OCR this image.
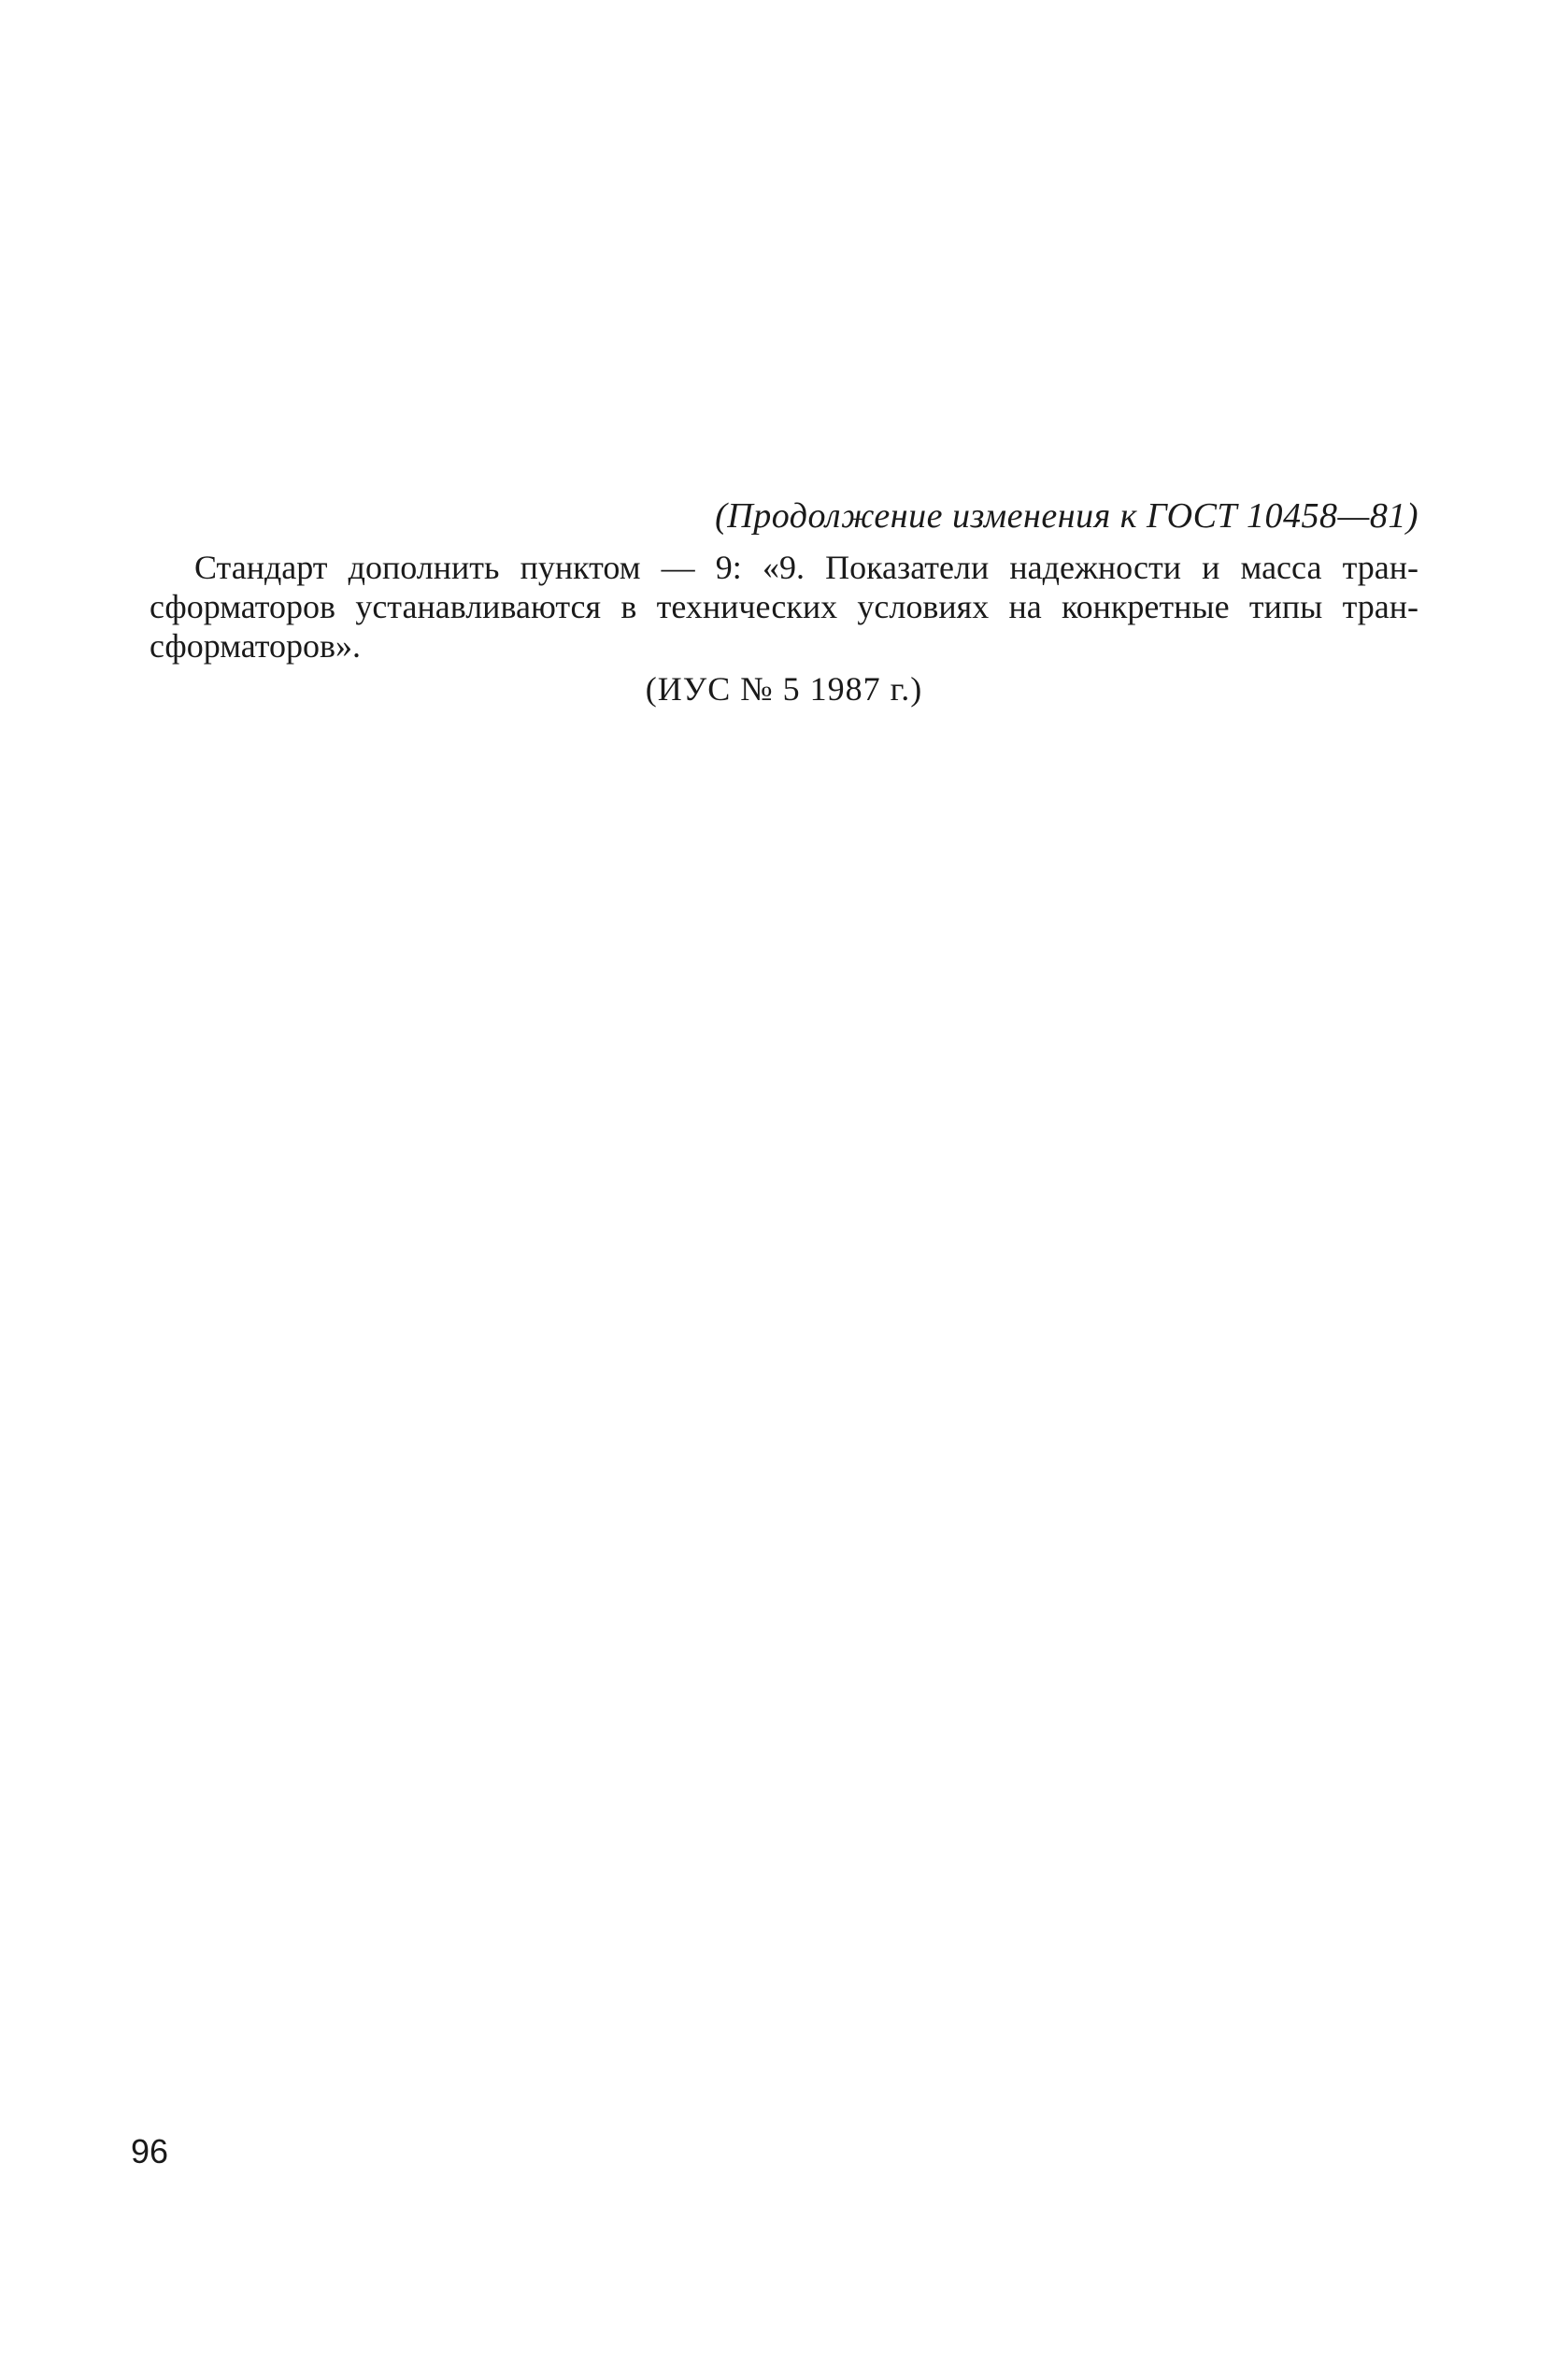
(Продолжение изменения к ГОСТ 10458—81)
Стандарт дополнить пунктом — 9: «9. Показатели надежности и масса тран-
сформаторов устанавливаются в технических условиях на конкретные типы тран-
сформаторов».
(ИУС № 5 1987 г.)
96
